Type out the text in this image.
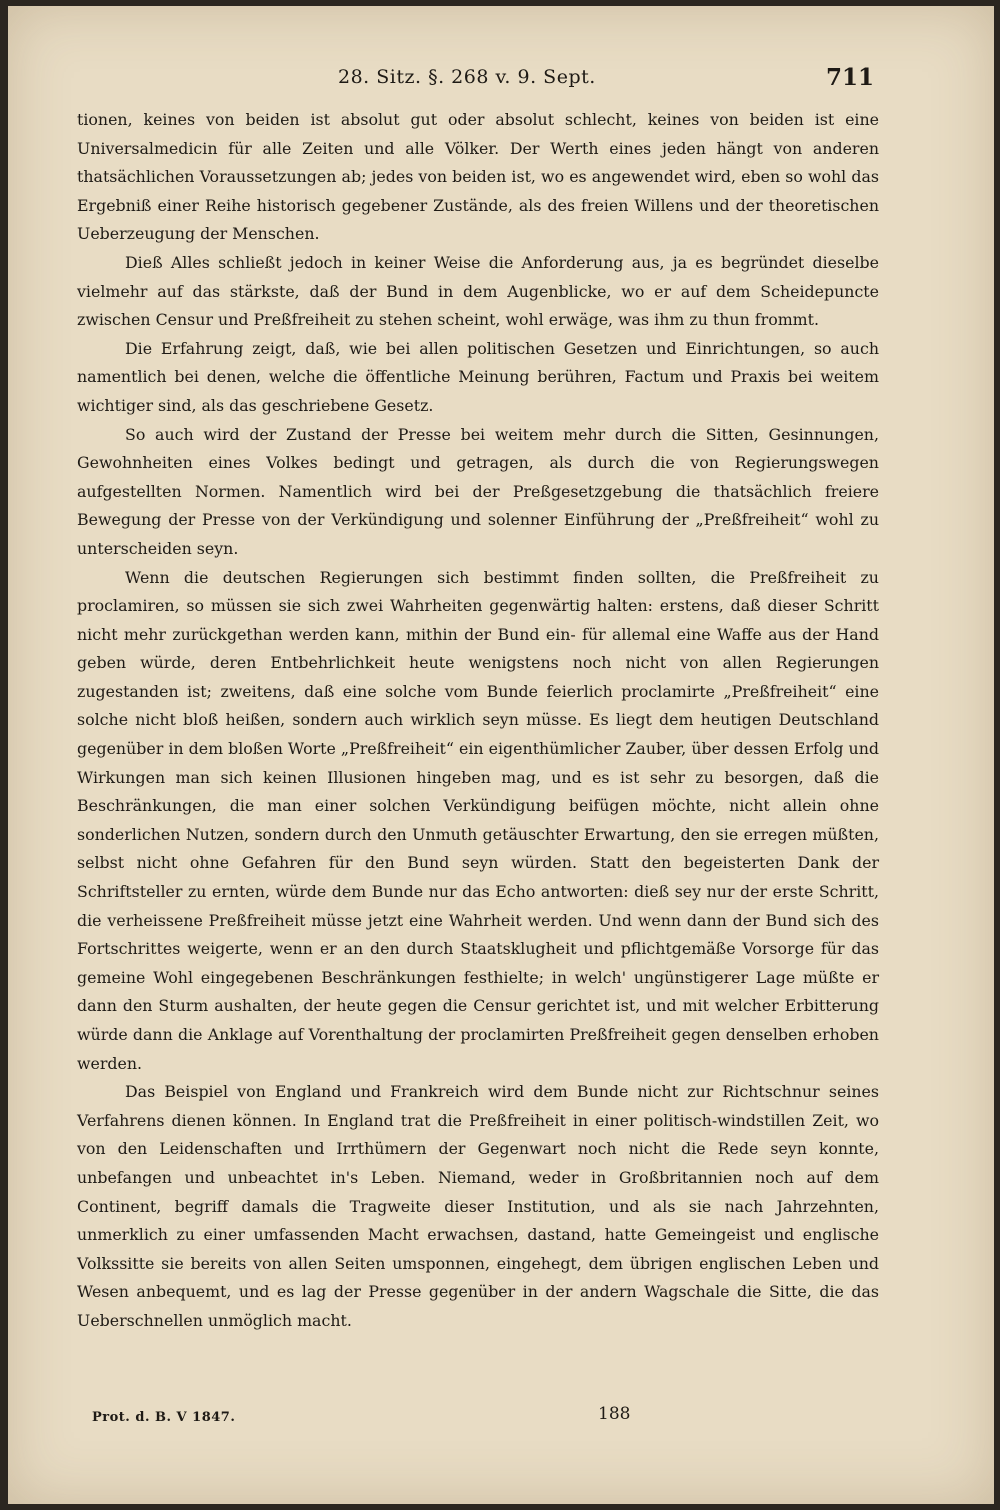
28. Sitz. §. 268 v. 9. Sept.	711

tionen, keines von beiden ist absolut gut oder absolut schlecht, keines von beiden ist eine Universalmedicin für alle Zeiten und alle Völker. Der Werth eines jeden hängt von anderen thatsächlichen Voraussetzungen ab; jedes von beiden ist, wo es angewendet wird, eben so wohl das Ergebniß einer Reihe historisch gegebener Zustände, als des freien Willens und der theoretischen Ueberzeugung der Menschen.

Dieß Alles schließt jedoch in keiner Weise die Anforderung aus, ja es begründet dieselbe vielmehr auf das stärkste, daß der Bund in dem Augenblicke, wo er auf dem Scheidepuncte zwischen Censur und Preßfreiheit zu stehen scheint, wohl erwäge, was ihm zu thun frommt.

Die Erfahrung zeigt, daß, wie bei allen politischen Gesetzen und Einrichtungen, so auch namentlich bei denen, welche die öffentliche Meinung berühren, Factum und Praxis bei weitem wichtiger sind, als das geschriebene Gesetz.

So auch wird der Zustand der Presse bei weitem mehr durch die Sitten, Gesinnungen, Gewohnheiten eines Volkes bedingt und getragen, als durch die von Regierungswegen aufgestellten Normen. Namentlich wird bei der Preßgesetzgebung die thatsächlich freiere Bewegung der Presse von der Verkündigung und solenner Einführung der „Preßfreiheit“ wohl zu unterscheiden seyn.

Wenn die deutschen Regierungen sich bestimmt finden sollten, die Preßfreiheit zu proclamiren, so müssen sie sich zwei Wahrheiten gegenwärtig halten: erstens, daß dieser Schritt nicht mehr zurückgethan werden kann, mithin der Bund ein- für allemal eine Waffe aus der Hand geben würde, deren Entbehrlichkeit heute wenigstens noch nicht von allen Regierungen zugestanden ist; zweitens, daß eine solche vom Bunde feierlich proclamirte „Preßfreiheit“ eine solche nicht bloß heißen, sondern auch wirklich seyn müsse. Es liegt dem heutigen Deutschland gegenüber in dem bloßen Worte „Preßfreiheit“ ein eigenthümlicher Zauber, über dessen Erfolg und Wirkungen man sich keinen Illusionen hingeben mag, und es ist sehr zu besorgen, daß die Beschränkungen, die man einer solchen Verkündigung beifügen möchte, nicht allein ohne sonderlichen Nutzen, sondern durch den Unmuth getäuschter Erwartung, den sie erregen müßten, selbst nicht ohne Gefahren für den Bund seyn würden. Statt den begeisterten Dank der Schriftsteller zu ernten, würde dem Bunde nur das Echo antworten: dieß sey nur der erste Schritt, die verheissene Preßfreiheit müsse jetzt eine Wahrheit werden. Und wenn dann der Bund sich des Fortschrittes weigerte, wenn er an den durch Staatsklugheit und pflichtgemäße Vorsorge für das gemeine Wohl eingegebenen Beschränkungen festhielte; in welch' ungünstigerer Lage müßte er dann den Sturm aushalten, der heute gegen die Censur gerichtet ist, und mit welcher Erbitterung würde dann die Anklage auf Vorenthaltung der proclamirten Preßfreiheit gegen denselben erhoben werden.

Das Beispiel von England und Frankreich wird dem Bunde nicht zur Richtschnur seines Verfahrens dienen können. In England trat die Preßfreiheit in einer politisch-windstillen Zeit, wo von den Leidenschaften und Irrthümern der Gegenwart noch nicht die Rede seyn konnte, unbefangen und unbeachtet in's Leben. Niemand, weder in Großbritannien noch auf dem Continent, begriff damals die Tragweite dieser Institution, und als sie nach Jahrzehnten, unmerklich zu einer umfassenden Macht erwachsen, dastand, hatte Gemeingeist und englische Volkssitte sie bereits von allen Seiten umsponnen, eingehegt, dem übrigen englischen Leben und Wesen anbequemt, und es lag der Presse gegenüber in der andern Wagschale die Sitte, die das Ueberschnellen unmöglich macht.

Prot. d. B. V 1847.	188
